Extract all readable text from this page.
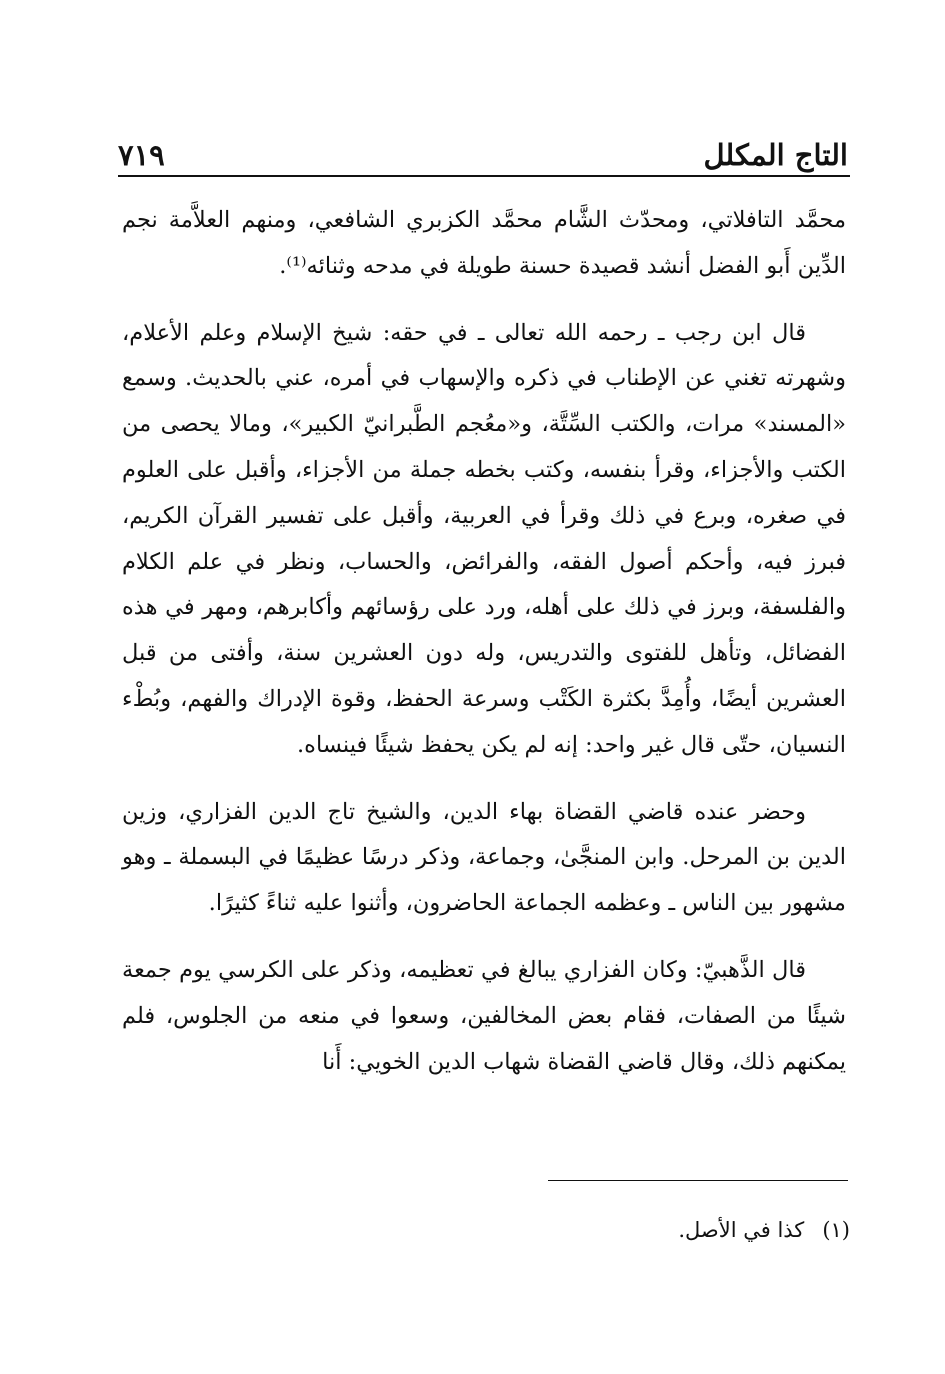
التاج المكلل
٧١٩

محمَّد التافلاتي، ومحدّث الشَّام محمَّد الكزبري الشافعي، ومنهم العلاَّمة نجم الدِّين أَبو الفضل أنشد قصيدة حسنة طويلة في مدحه وثنائه⁽¹⁾.

قال ابن رجب ـ رحمه الله تعالى ـ في حقه: شيخ الإسلام وعلم الأعلام، وشهرته تغني عن الإطناب في ذكره والإسهاب في أمره، عني بالحديث. وسمع «المسند» مرات، والكتب السِّتَّة، و«معُجم الطَّبرانيّ الكبير»، ومالا يحصى من الكتب والأجزاء، وقرأ بنفسه، وكتب بخطه جملة من الأجزاء، وأقبل على العلوم في صغره، وبرع في ذلك وقرأ في العربية، وأقبل على تفسير القرآن الكريم، فبرز فيه، وأحكم أصول الفقه، والفرائض، والحساب، ونظر في علم الكلام والفلسفة، وبرز في ذلك على أهله، ورد على رؤسائهم وأكابرهم، ومهر في هذه الفضائل، وتأهل للفتوى والتدريس، وله دون العشرين سنة، وأفتى من قبل العشرين أيضًا، وأُمِدَّ بكثرة الكَتْب وسرعة الحفظ، وقوة الإدراك والفهم، وبُطْء النسيان، حتّى قال غير واحد: إنه لم يكن يحفظ شيئًا فينساه.

وحضر عنده قاضي القضاة بهاء الدين، والشيخ تاج الدين الفزاري، وزين الدين بن المرحل. وابن المنجَّىٰ، وجماعة، وذكر درسًا عظيمًا في البسملة ـ وهو مشهور بين الناس ـ وعظمه الجماعة الحاضرون، وأثنوا عليه ثناءً كثيرًا.

قال الذَّهبيّ: وكان الفزاري يبالغ في تعظيمه، وذكر على الكرسي يوم جمعة شيئًا من الصفات، فقام بعض المخالفين، وسعوا في منعه من الجلوس، فلم يمكنهم ذلك، وقال قاضي القضاة شهاب الدين الخويي: أَنا

(١)كذا في الأصل.
